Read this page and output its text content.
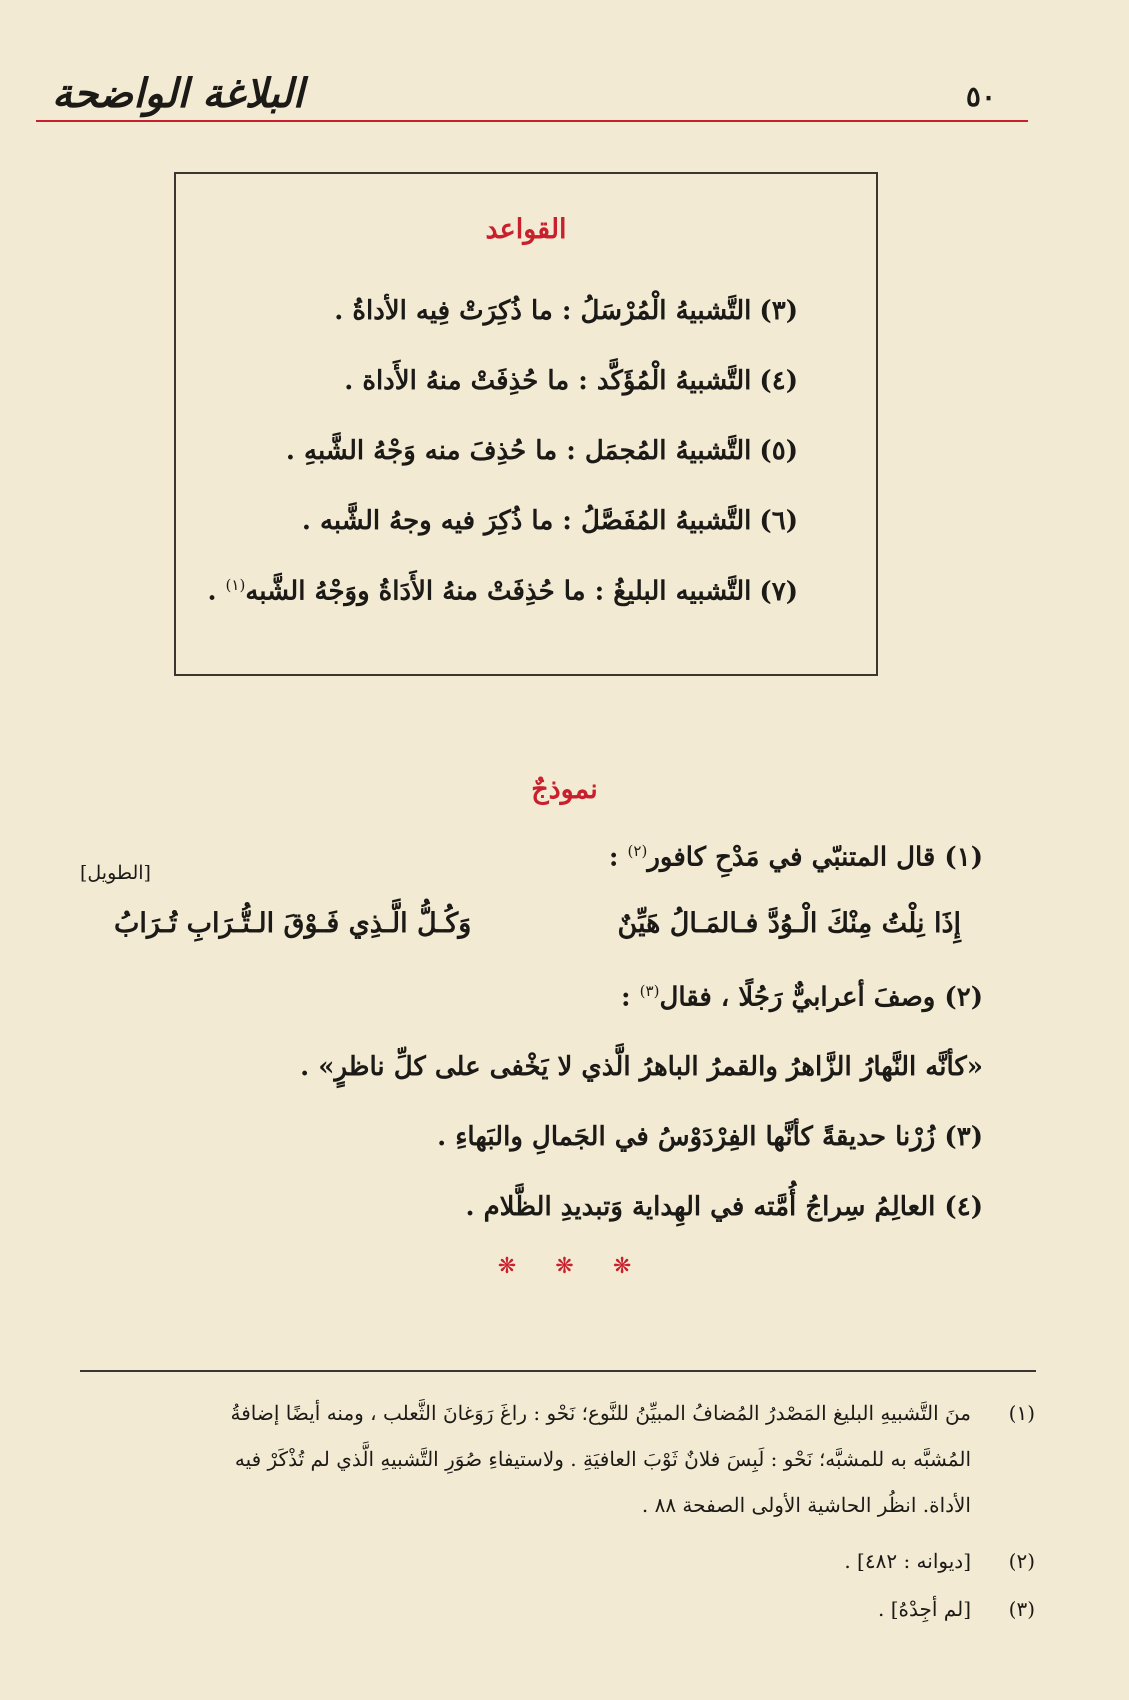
٥٠
البلاغة الواضحة
القواعد
(٣)التَّشبيهُ الْمُرْسَلُ : ما ذُكِرَتْ فِيه الأداةُ .
(٤)التَّشبيهُ الْمُؤَكَّد : ما حُذِفَتْ منهُ الأَداة .
(٥)التَّشبيهُ المُجمَل : ما حُذِفَ منه وَجْهُ الشَّبهِ .
(٦)التَّشبيهُ المُفَصَّلُ : ما ذُكِرَ فيه وجهُ الشَّبه .
(٧)التَّشبيه البليغُ : ما حُذِفَتْ منهُ الأَدَاةُ ووَجْهُ الشَّبه$^{(١)}$ .
نموذجٌ
(١) قال المتنبّي في مَدْحِ كافور$^{(٢)}$ :
[الطويل]
إِذَا نِلْتُ مِنْكَ الْـوُدَّ فـالمَـالُ هَيِّنٌ
وَكُـلُّ الَّـذِي فَـوْقَ الـتُّـرَابِ تُـرَابُ
(٢) وصفَ أعرابيٌّ رَجُلًا ، فقال$^{(٣)}$ :
«كأنَّه النَّهارُ الزَّاهرُ والقمرُ الباهرُ الَّذي لا يَخْفى على كلِّ ناظرٍ» .
(٣) زُرْنا حديقةً كأنَّها الفِرْدَوْسُ في الجَمالِ والبَهاءِ .
(٤) العالِمُ سِراجُ أُمَّته في الهِداية وَتبديدِ الظَّلام .
❋ ❋ ❋
(١)
منَ التَّشبيهِ البليغ المَصْدرُ المُضافُ المبيِّنُ للنَّوع؛ نَحْو : راغَ رَوَغانَ الثَّعلب ، ومنه أيضًا إضافةُ
المُشبَّه به للمشبَّه؛ نَحْو : لَبِسَ فلانٌ ثَوْبَ العافيَةِ . ولاستيفاءِ صُوَرِ التَّشبيهِ الَّذي لم تُذْكَرْ فيه
الأداة. انظُر الحاشية الأولى الصفحة ٨٨ .
(٢)
[ديوانه : ٤٨٢] .
(٣)
[لم أجِدْهُ] .
